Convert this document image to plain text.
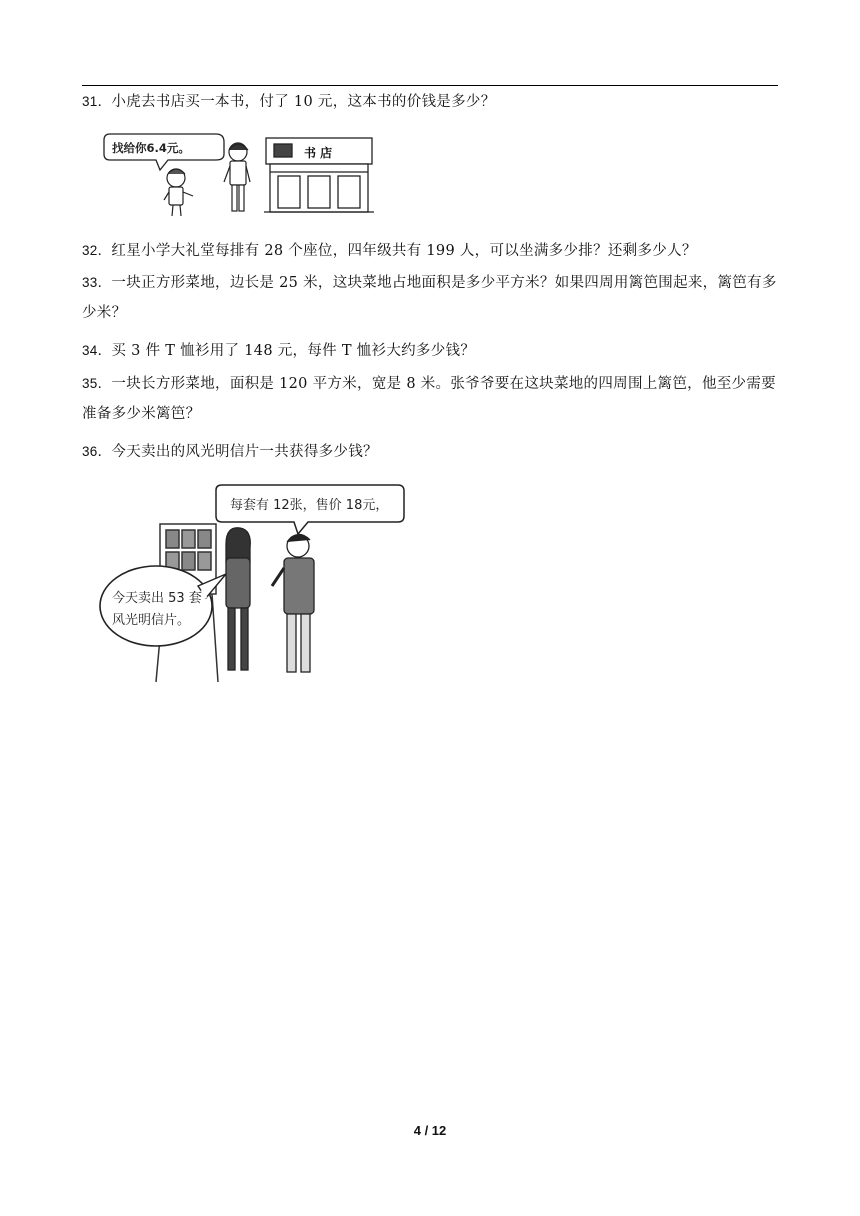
31．小虎去书店买一本书，付了 10 元，这本书的价钱是多少？
找给你6.4元。	书 店
32．红星小学大礼堂每排有 28 个座位，四年级共有 199 人，可以坐满多少排？还剩多少人？
33．一块正方形菜地，边长是 25 米，这块菜地占地面积是多少平方米？如果四周用篱笆围起来，篱笆有多少米？
34．买 3 件 T 恤衫用了 148 元，每件 T 恤衫大约多少钱？
35．一块长方形菜地，面积是 120 平方米，宽是 8 米。张爷爷要在这块菜地的四周围上篱笆，他至少需要准备多少米篱笆？
36．今天卖出的风光明信片一共获得多少钱？
每套有 12张，售价 18元，
今天卖出 53 套
风光明信片。
4 / 12
